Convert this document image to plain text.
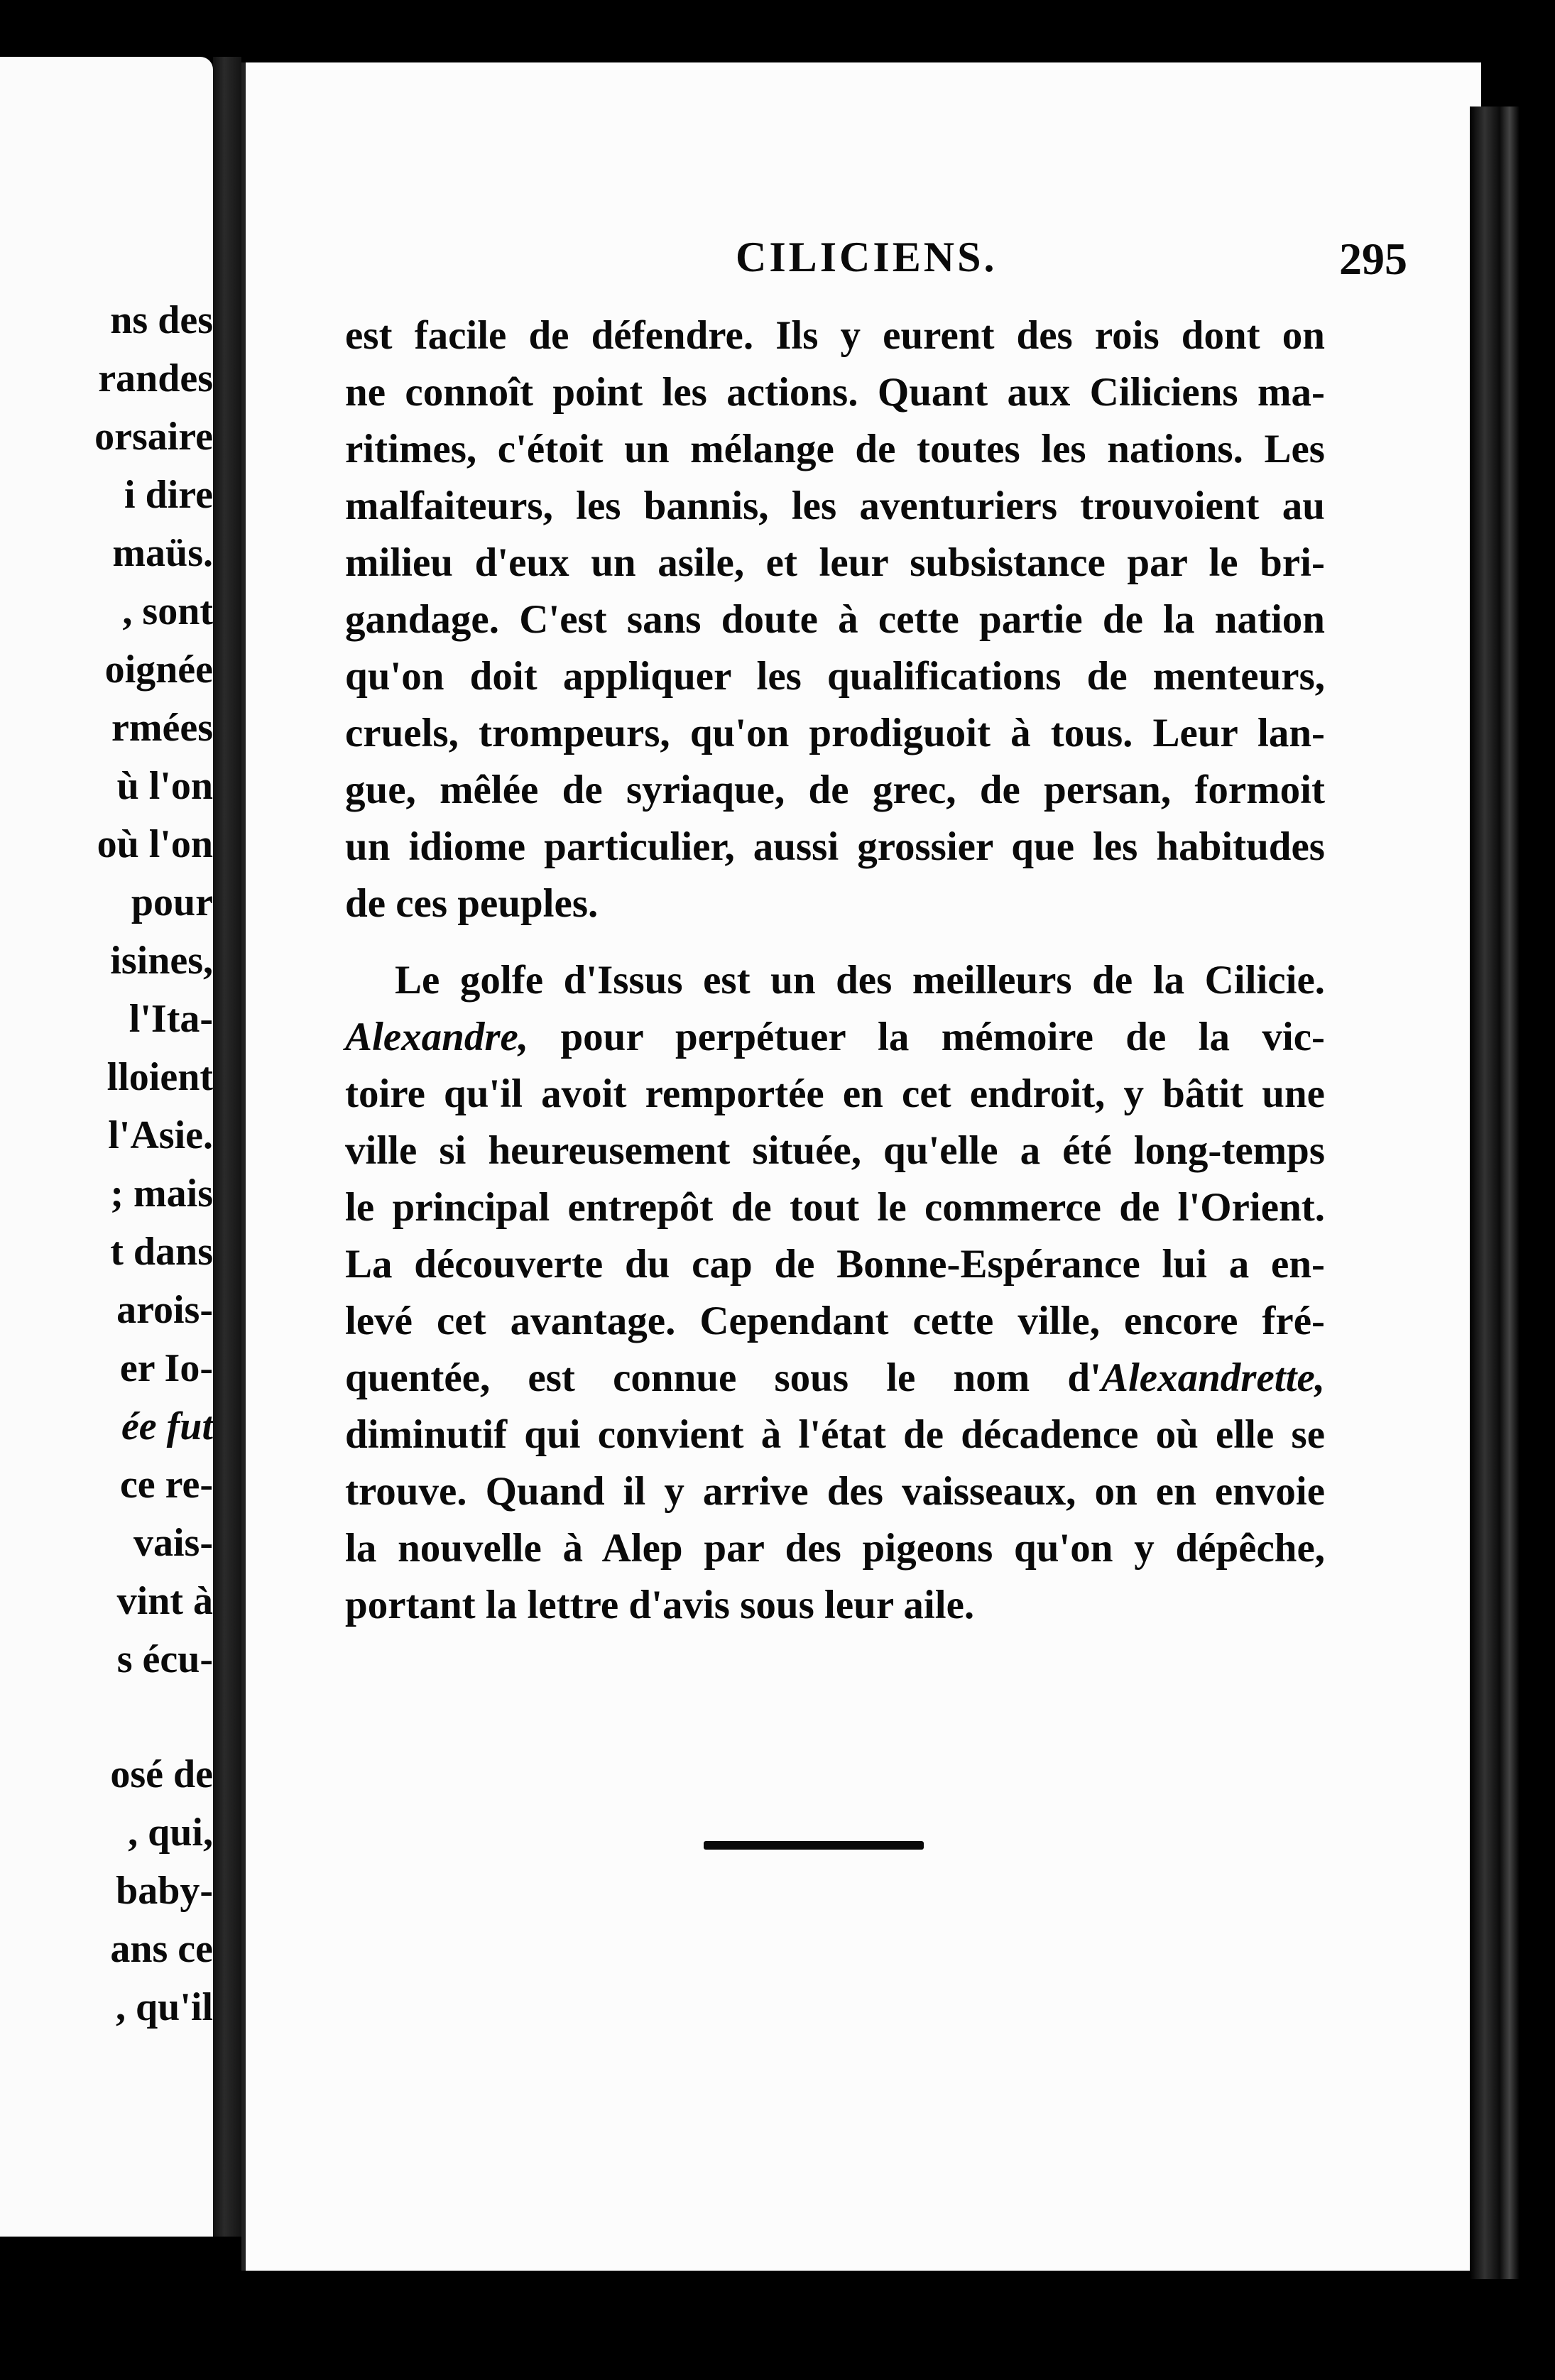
ns des
randes
orsaire
i dire
maüs.
, sont
oignée
rmées
ù l'on
où l'on
pour
isines,
l'Ita-
lloient
l'Asie.
; mais
t dans
arois-
er Io-
ée fut
ce re-
vais-
vint à
s écu-
osé de
, qui,
baby-
ans ce
, qu'il
CILICIENS.	295
est facile de défendre. Ils y eurent des rois dont on
ne connoît point les actions. Quant aux Ciliciens ma-
ritimes, c'étoit un mélange de toutes les nations. Les
malfaiteurs, les bannis, les aventuriers trouvoient au
milieu d'eux un asile, et leur subsistance par le bri-
gandage. C'est sans doute à cette partie de la nation
qu'on doit appliquer les qualifications de menteurs,
cruels, trompeurs, qu'on prodiguoit à tous. Leur lan-
gue, mêlée de syriaque, de grec, de persan, formoit
un idiome particulier, aussi grossier que les habitudes
de ces peuples.
Le golfe d'Issus est un des meilleurs de la Cilicie.
Alexandre, pour perpétuer la mémoire de la vic-
toire qu'il avoit remportée en cet endroit, y bâtit une
ville si heureusement située, qu'elle a été long-temps
le principal entrepôt de tout le commerce de l'Orient.
La découverte du cap de Bonne-Espérance lui a en-
levé cet avantage. Cependant cette ville, encore fré-
quentée, est connue sous le nom d'Alexandrette,
diminutif qui convient à l'état de décadence où elle se
trouve. Quand il y arrive des vaisseaux, on en envoie
la nouvelle à Alep par des pigeons qu'on y dépêche,
portant la lettre d'avis sous leur aile.
